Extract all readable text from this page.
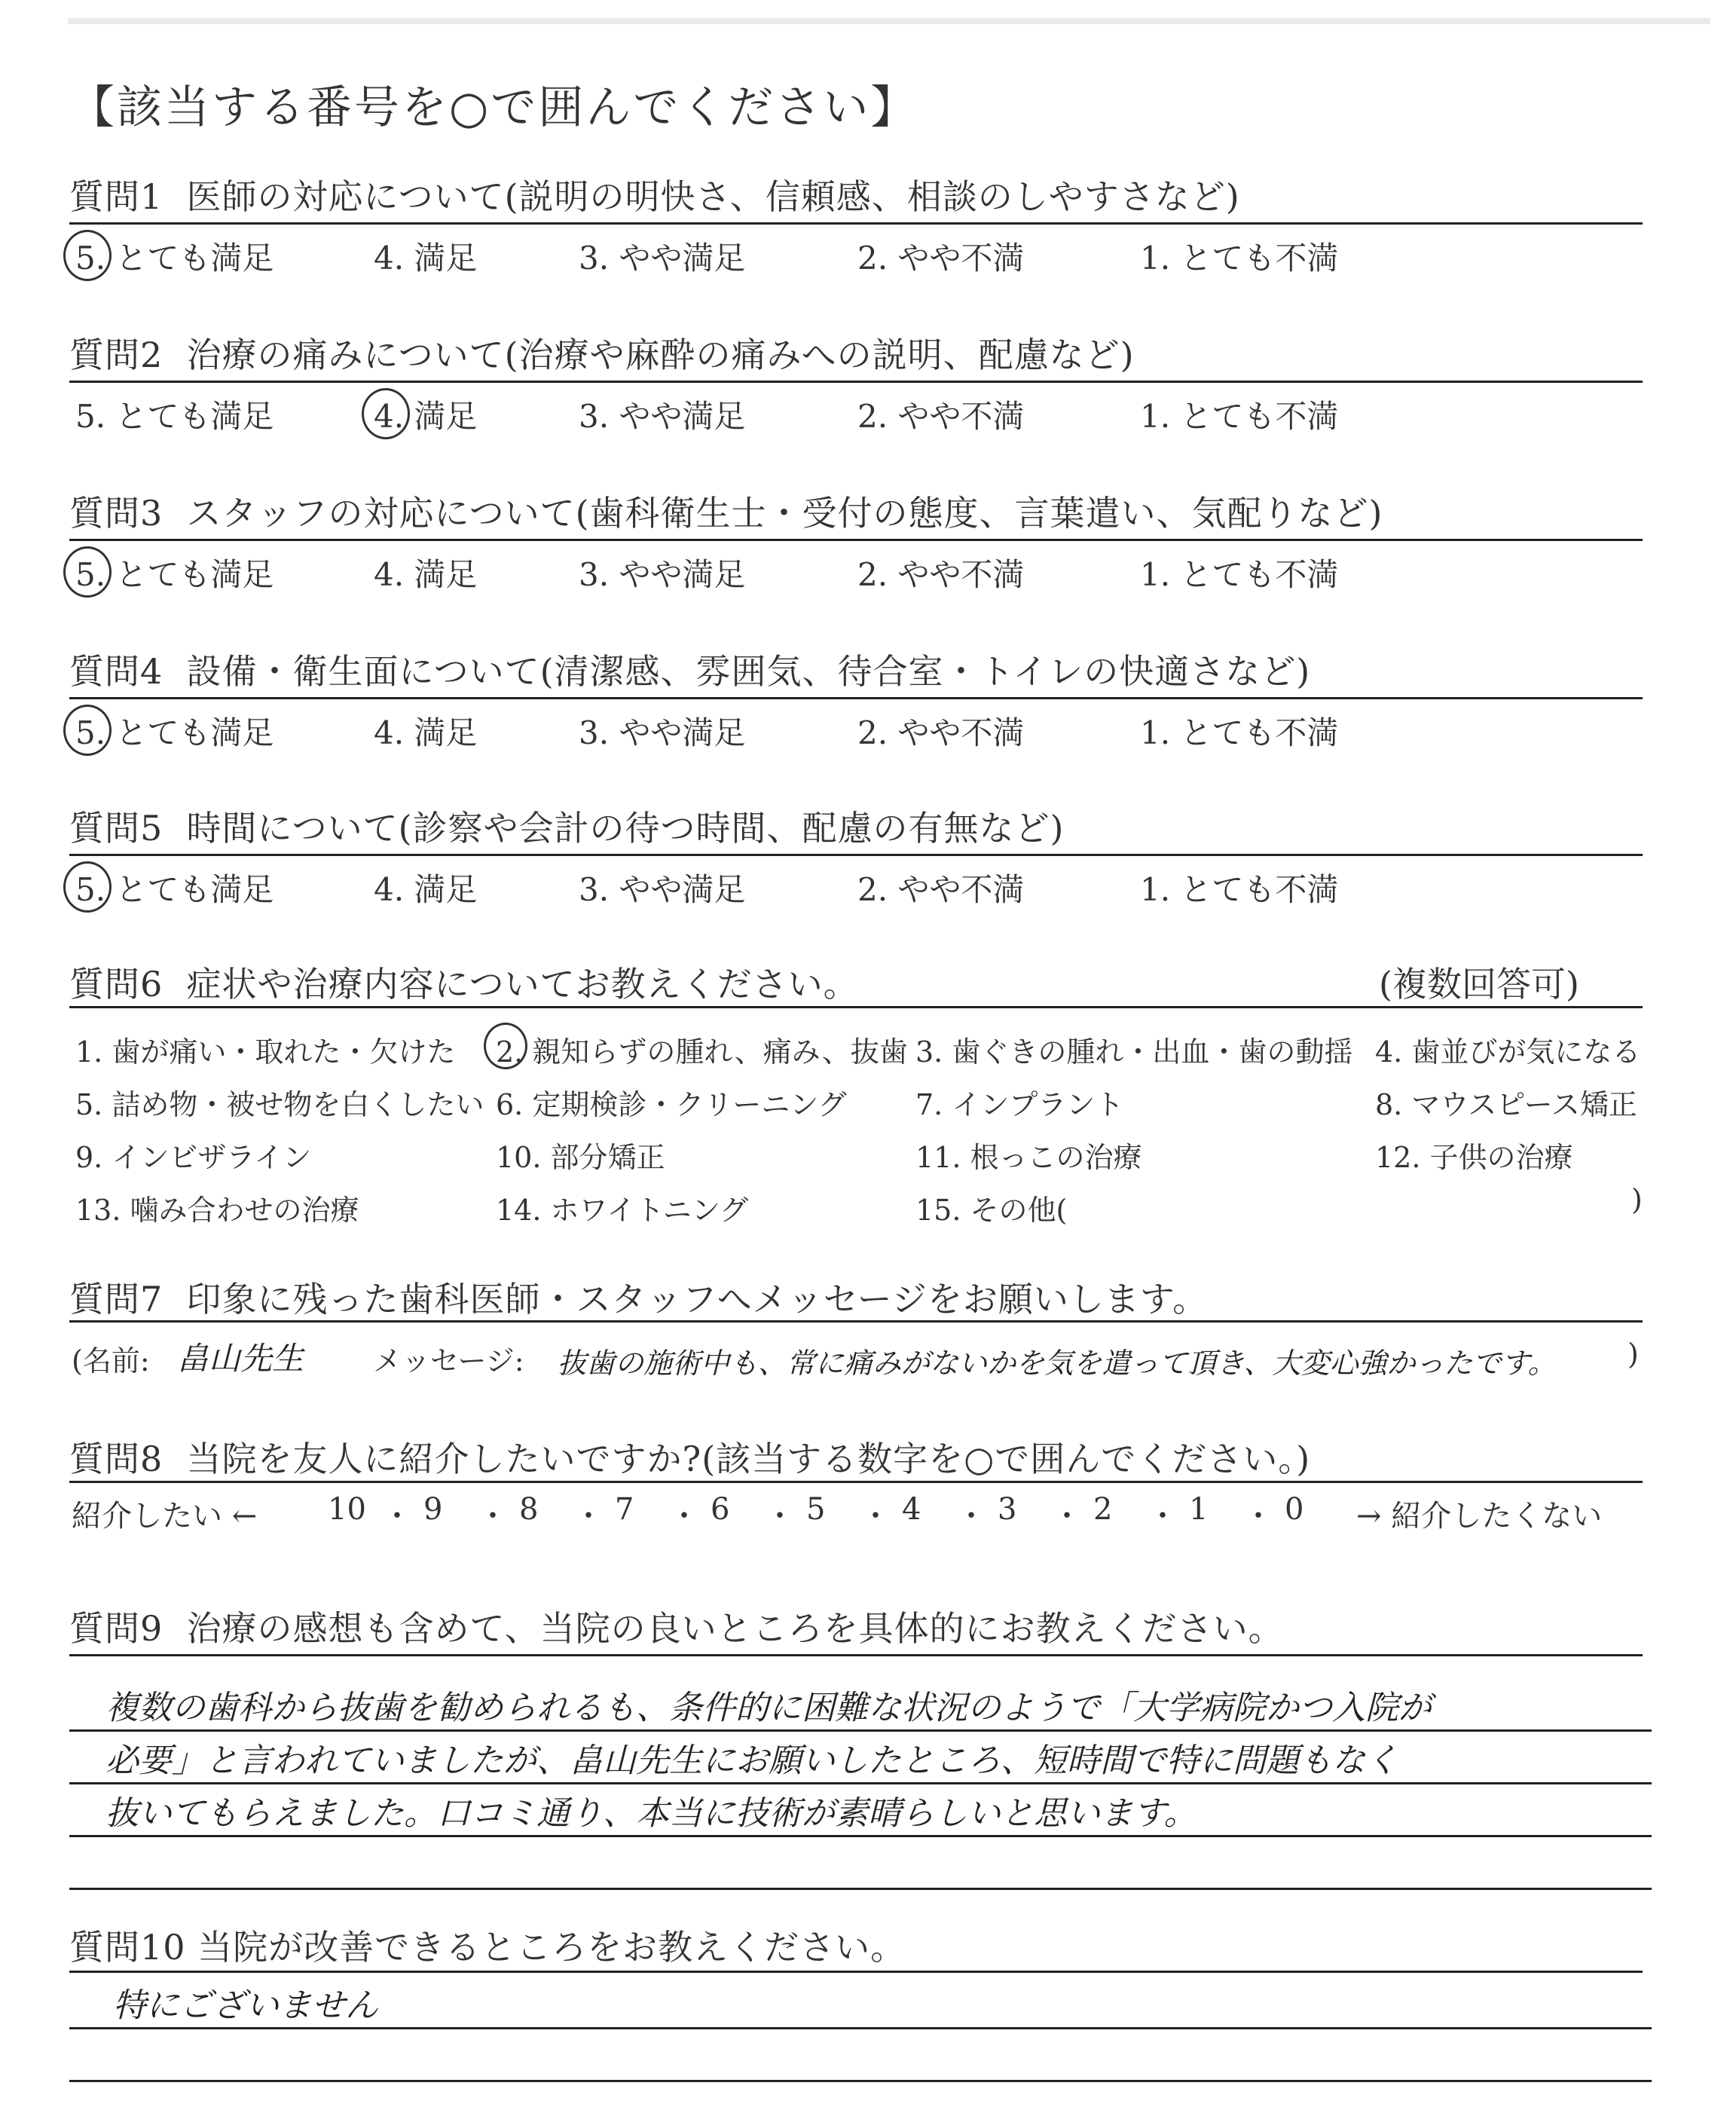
【該当する番号を○で囲んでください】
質問1 医師の対応について(説明の明快さ、信頼感、相談のしやすさなど)
5. とても満足	4. 満足	3. やや満足	2. やや不満	1. とても不満
質問2 治療の痛みについて(治療や麻酔の痛みへの説明、配慮など)
5. とても満足	4. 満足	3. やや満足	2. やや不満	1. とても不満
質問3 スタッフの対応について(歯科衛生士・受付の態度、言葉遣い、気配りなど)
5. とても満足	4. 満足	3. やや満足	2. やや不満	1. とても不満
質問4 設備・衛生面について(清潔感、雰囲気、待合室・トイレの快適さなど)
5. とても満足	4. 満足	3. やや満足	2. やや不満	1. とても不満
質問5 時間について(診察や会計の待つ時間、配慮の有無など)
5. とても満足	4. 満足	3. やや満足	2. やや不満	1. とても不満
質問6 症状や治療内容についてお教えください。	(複数回答可)
1. 歯が痛い・取れた・欠けた 2. 親知らずの腫れ、痛み、抜歯 3. 歯ぐきの腫れ・出血・歯の動揺 4. 歯並びが気になる
5. 詰め物・被せ物を白くしたい 6. 定期検診・クリーニング 7. インプラント	8. マウスピース矯正
9. インビザライン	10. 部分矯正	11. 根っこの治療	12. 子供の治療
13. 噛み合わせの治療	14. ホワイトニング	15. その他(	)
質問7 印象に残った歯科医師・スタッフへメッセージをお願いします。
(名前: 畠山先生 メッセージ: 抜歯の施術中も、常に痛みがないかを気を遣って頂き、大変心強かったです。 )
質問8 当院を友人に紹介したいですか?(該当する数字を○で囲んでください。)
紹介したい ← 10 ・ 9 ・ 8 ・ 7 ・ 6 ・ 5 ・ 4 ・ 3 ・ 2 ・ 1 ・ 0 → 紹介したくない
質問9 治療の感想も含めて、当院の良いところを具体的にお教えください。
複数の歯科から抜歯を勧められるも、条件的に困難な状況のようで「大学病院かつ入院が
必要」と言われていましたが、畠山先生にお願いしたところ、短時間で特に問題もなく
抜いてもらえました。口コミ通り、本当に技術が素晴らしいと思います。
質問10 当院が改善できるところをお教えください。
特にございません
